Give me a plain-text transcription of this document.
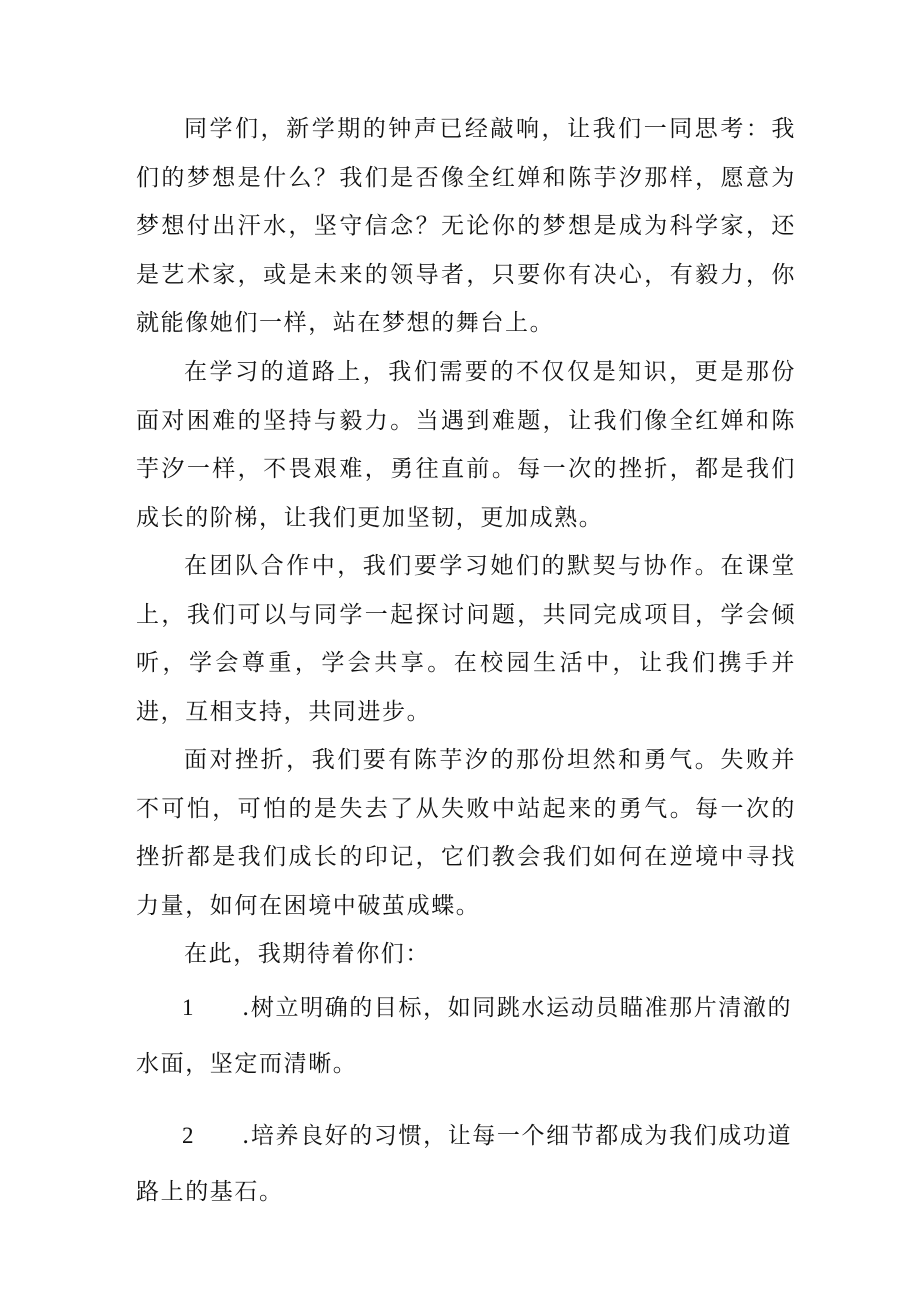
同学们，新学期的钟声已经敲响，让我们一同思考：我们的梦想是什么？我们是否像全红婵和陈芋汐那样，愿意为梦想付出汗水，坚守信念？无论你的梦想是成为科学家，还是艺术家，或是未来的领导者，只要你有决心，有毅力，你就能像她们一样，站在梦想的舞台上。

在学习的道路上，我们需要的不仅仅是知识，更是那份面对困难的坚持与毅力。当遇到难题，让我们像全红婵和陈芋汐一样，不畏艰难，勇往直前。每一次的挫折，都是我们成长的阶梯，让我们更加坚韧，更加成熟。

在团队合作中，我们要学习她们的默契与协作。在课堂上，我们可以与同学一起探讨问题，共同完成项目，学会倾听，学会尊重，学会共享。在校园生活中，让我们携手并进，互相支持，共同进步。

面对挫折，我们要有陈芋汐的那份坦然和勇气。失败并不可怕，可怕的是失去了从失败中站起来的勇气。每一次的挫折都是我们成长的印记，它们教会我们如何在逆境中寻找力量，如何在困境中破茧成蝶。

在此，我期待着你们：

1 .树立明确的目标，如同跳水运动员瞄准那片清澈的水面，坚定而清晰。

2 .培养良好的习惯，让每一个细节都成为我们成功道路上的基石。
